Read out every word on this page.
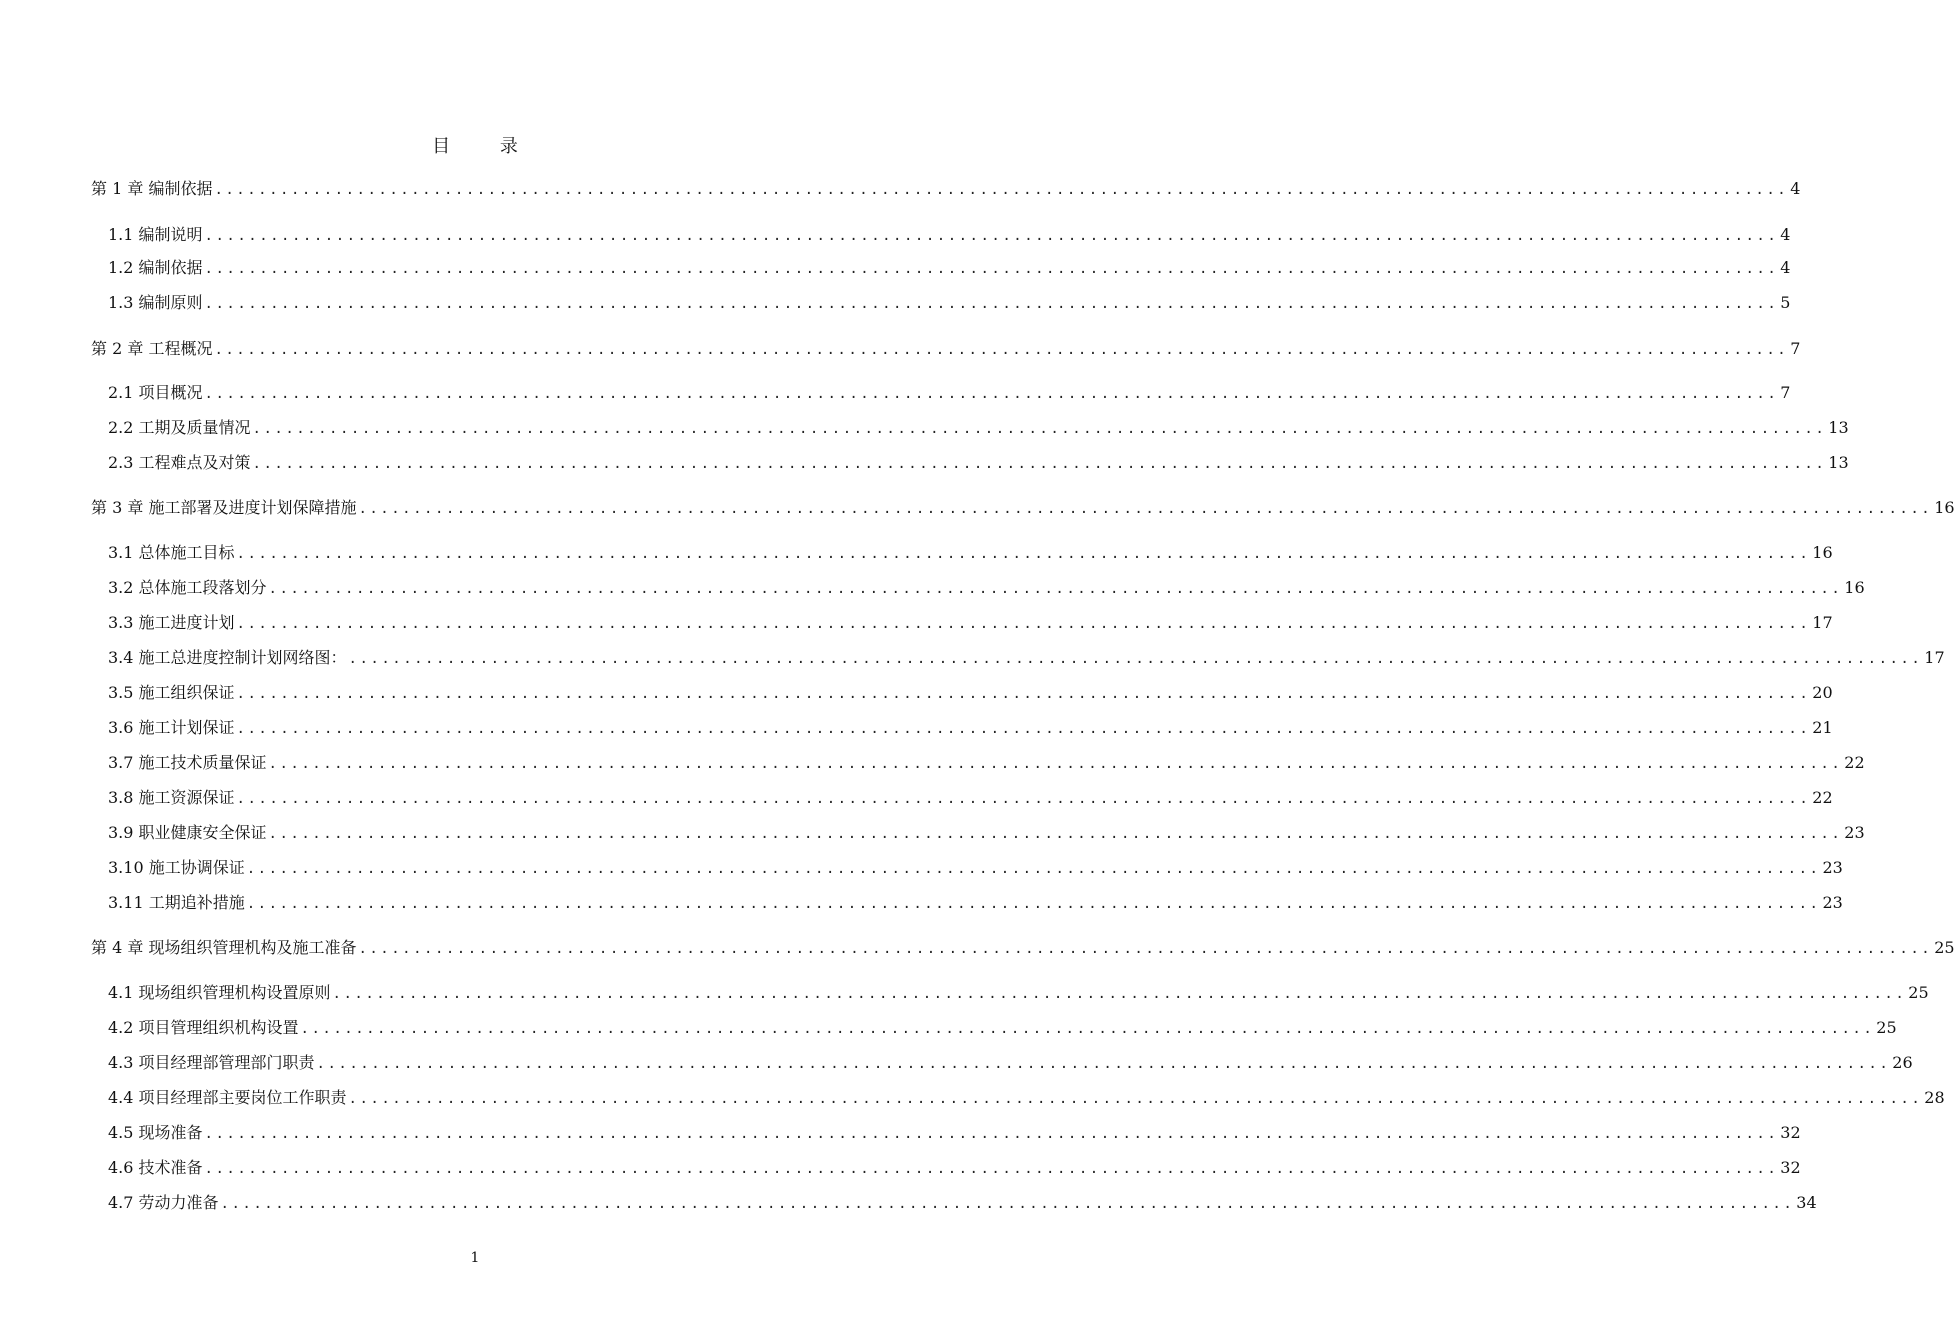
目 录
第 1 章 编制依据 ................................................................................................................................................ 4
1.1 编制说明 ................................................................................................................................................ 4
1.2 编制依据 ................................................................................................................................................ 4
1.3 编制原则 ................................................................................................................................................ 5
第 2 章 工程概况 ................................................................................................................................................ 7
2.1 项目概况 ................................................................................................................................................ 7
2.2 工期及质量情况 ................................................................................................................................................ 13
2.3 工程难点及对策 ................................................................................................................................................ 13
第 3 章 施工部署及进度计划保障措施 ................................................................................................................................................ 16
3.1 总体施工目标 ................................................................................................................................................ 16
3.2 总体施工段落划分 ................................................................................................................................................ 16
3.3 施工进度计划 ................................................................................................................................................ 17
3.4 施工总进度控制计划网络图： ................................................................................................................................................ 17
3.5 施工组织保证 ................................................................................................................................................ 20
3.6 施工计划保证 ................................................................................................................................................ 21
3.7 施工技术质量保证 ................................................................................................................................................ 22
3.8 施工资源保证 ................................................................................................................................................ 22
3.9 职业健康安全保证 ................................................................................................................................................ 23
3.10 施工协调保证 ................................................................................................................................................ 23
3.11 工期追补措施 ................................................................................................................................................ 23
第 4 章 现场组织管理机构及施工准备 ................................................................................................................................................ 25
4.1 现场组织管理机构设置原则 ................................................................................................................................................ 25
4.2 项目管理组织机构设置 ................................................................................................................................................ 25
4.3 项目经理部管理部门职责 ................................................................................................................................................ 26
4.4 项目经理部主要岗位工作职责 ................................................................................................................................................ 28
4.5 现场准备 ................................................................................................................................................ 32
4.6 技术准备 ................................................................................................................................................ 32
4.7 劳动力准备 ................................................................................................................................................ 34
1
